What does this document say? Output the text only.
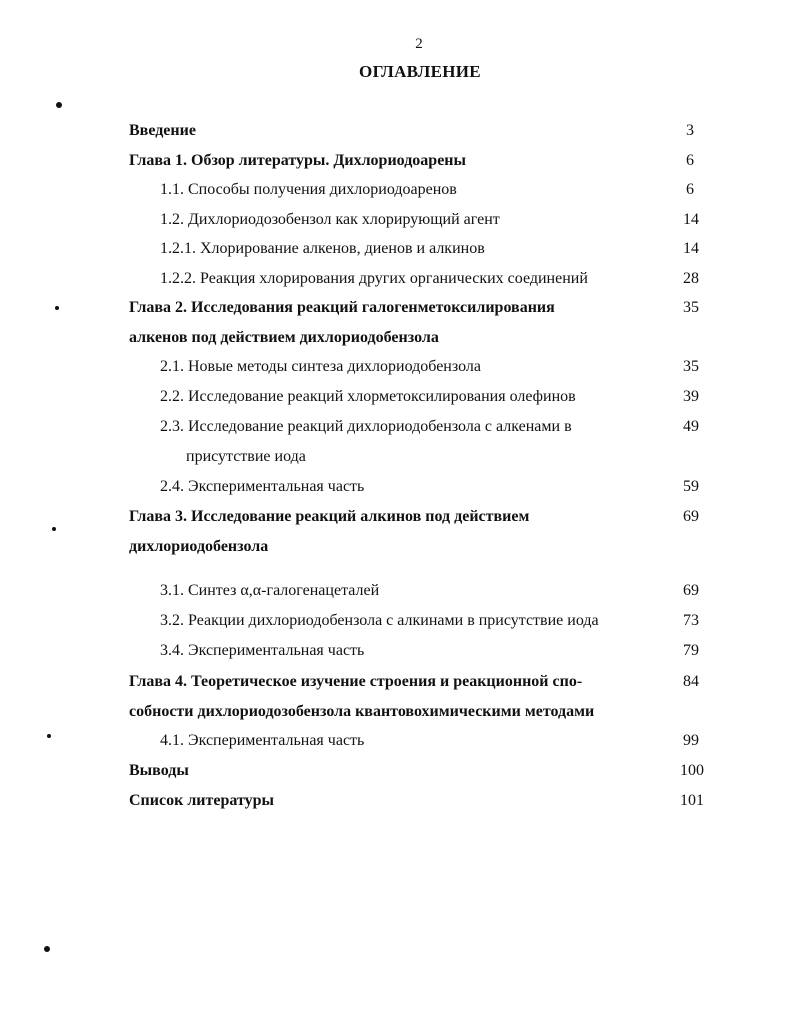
2
ОГЛАВЛЕНИЕ
Введение	3
Глава 1. Обзор литературы. Дихлориодоарены	6
1.1. Способы получения дихлориодоаренов	6
1.2. Дихлориодозобензол как хлорирующий агент	14
1.2.1. Хлорирование алкенов, диенов и алкинов	14
1.2.2. Реакция хлорирования других органических соединений	28
Глава 2. Исследования реакций галогенметоксилирования	35
алкенов под действием дихлориодобензола
2.1. Новые методы синтеза дихлориодобензола	35
2.2. Исследование реакций хлорметоксилирования олефинов	39
2.3. Исследование реакций дихлориодобензола с алкенами в	49
присутствие иода
2.4. Экспериментальная часть	59
Глава 3. Исследование реакций алкинов под действием	69
дихлориодобензола
3.1. Синтез α,α-галогенацеталей	69
3.2. Реакции дихлориодобензола с алкинами в присутствие иода	73
3.4. Экспериментальная часть	79
Глава 4. Теоретическое изучение строения и реакционной спо-	84
собности дихлориодозобензола квантовохимическими методами
4.1. Экспериментальная часть	99
Выводы	100
Список литературы	101
